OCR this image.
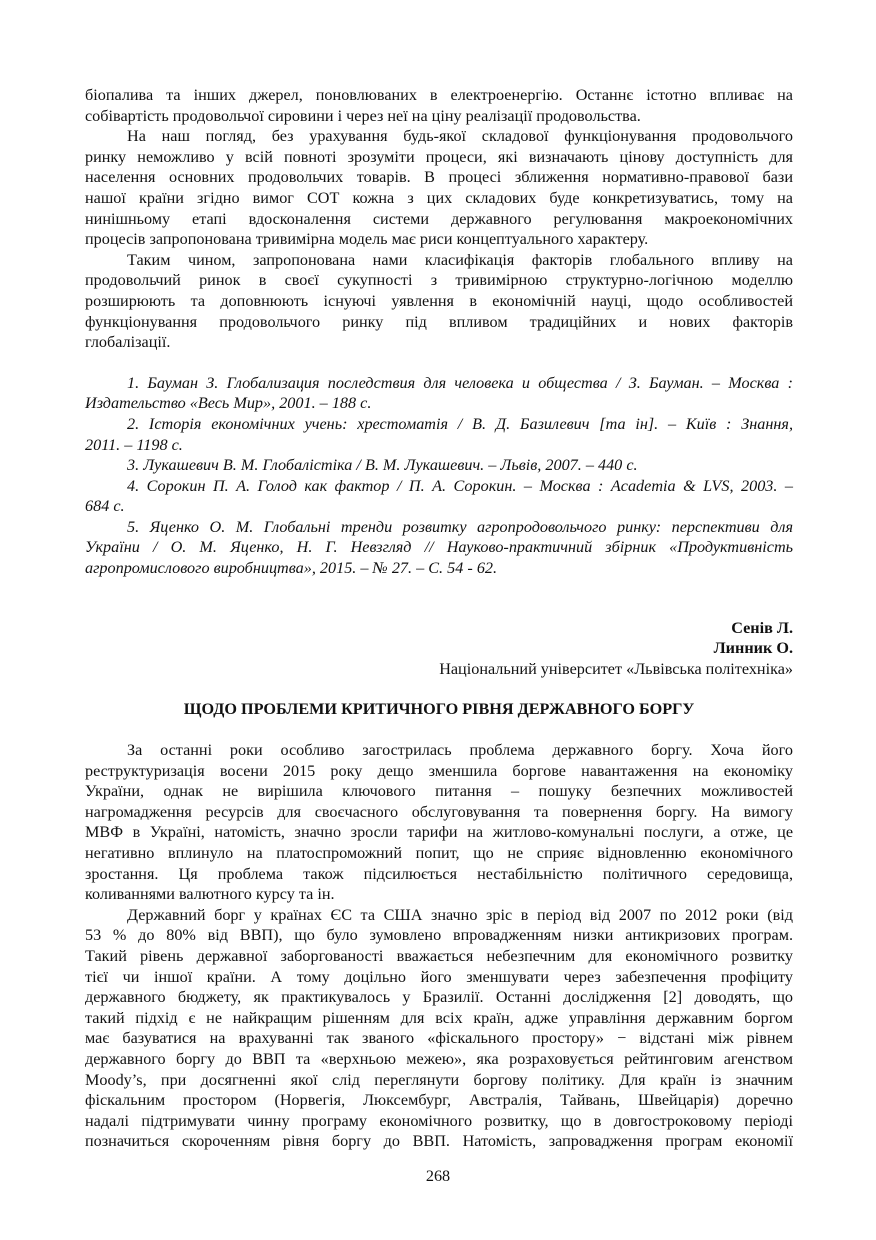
біопалива та інших джерел, поновлюваних в електроенергію. Останнє істотно впливає на
собівартість продовольчої сировини і через неї на ціну реалізації продовольства.
На наш погляд, без урахування будь-якої складової функціонування продовольчого
ринку неможливо у всій повноті зрозуміти процеси, які визначають цінову доступність для
населення основних продовольчих товарів. В процесі зближення нормативно-правової бази
нашої країни згідно вимог СОТ кожна з цих складових буде конкретизуватись, тому на
нинішньому етапі вдосконалення системи державного регулювання макроекономічних
процесів запропонована тривимірна модель має риси концептуального характеру.
Таким чином, запропонована нами класифікація факторів глобального впливу на
продовольчий ринок в своєї сукупності з тривимірною структурно-логічною моделлю
розширюють та доповнюють існуючі уявлення в економічній науці, щодо особливостей
функціонування продовольчого ринку під впливом традиційних и нових факторів
глобалізації.
1. Бауман З. Глобализация последствия для человека и общества / З. Бауман. – Москва :
Издательство «Весь Мир», 2001. – 188 с.
2. Історія економічних учень: хрестоматія / В. Д. Базилевич [та ін]. – Київ : Знання,
2011. – 1198 с.
3. Лукашевич В. М. Глобалістіка / В. М. Лукашевич. – Львів, 2007. – 440 с.
4. Сорокин П. А. Голод как фактор / П. А. Сорокин. – Москва : Academia & LVS, 2003. –
684 с.
5. Яценко О. М. Глобальні тренди розвитку агропродовольчого ринку: перспективи для
України / О. М. Яценко, Н. Г. Невзгляд // Науково-практичний збірник «Продуктивність
агропромислового виробництва», 2015. – № 27. – С. 54 - 62.
Сенів Л.
Линник О.
Національний університет «Львівська політехніка»
ЩОДО ПРОБЛЕМИ КРИТИЧНОГО РІВНЯ ДЕРЖАВНОГО БОРГУ
За останні роки особливо загострилась проблема державного боргу. Хоча його
реструктуризація восени 2015 року дещо зменшила боргове навантаження на економіку
України, однак не вирішила ключового питання – пошуку безпечних можливостей
нагромадження ресурсів для своєчасного обслуговування та повернення боргу. На вимогу
МВФ в Україні, натомість, значно зросли тарифи на житлово-комунальні послуги, а отже, це
негативно вплинуло на платоспроможний попит, що не сприяє відновленню економічного
зростання. Ця проблема також підсилюється нестабільністю політичного середовища,
коливаннями валютного курсу та ін.
Державний борг у країнах ЄС та США значно зріс в період від 2007 по 2012 роки (від
53 % до 80% від ВВП), що було зумовлено впровадженням низки антикризових програм.
Такий рівень державної заборгованості вважається небезпечним для економічного розвитку
тієї чи іншої країни. А тому доцільно його зменшувати через забезпечення профіциту
державного бюджету, як практикувалось у Бразилії. Останні дослідження [2] доводять, що
такий підхід є не найкращим рішенням для всіх країн, адже управління державним боргом
має базуватися на врахуванні так званого «фіскального простору» − відстані між рівнем
державного боргу до ВВП та «верхньою межею», яка розраховується рейтинговим агенством
Moody’s, при досягненні якої слід переглянути боргову політику. Для країн із значним
фіскальним простором (Норвегія, Люксембург, Австралія, Тайвань, Швейцарія) доречно
надалі підтримувати чинну програму економічного розвитку, що в довгостроковому періоді
позначиться скороченням рівня боргу до ВВП. Натомість, запровадження програм економії
268
